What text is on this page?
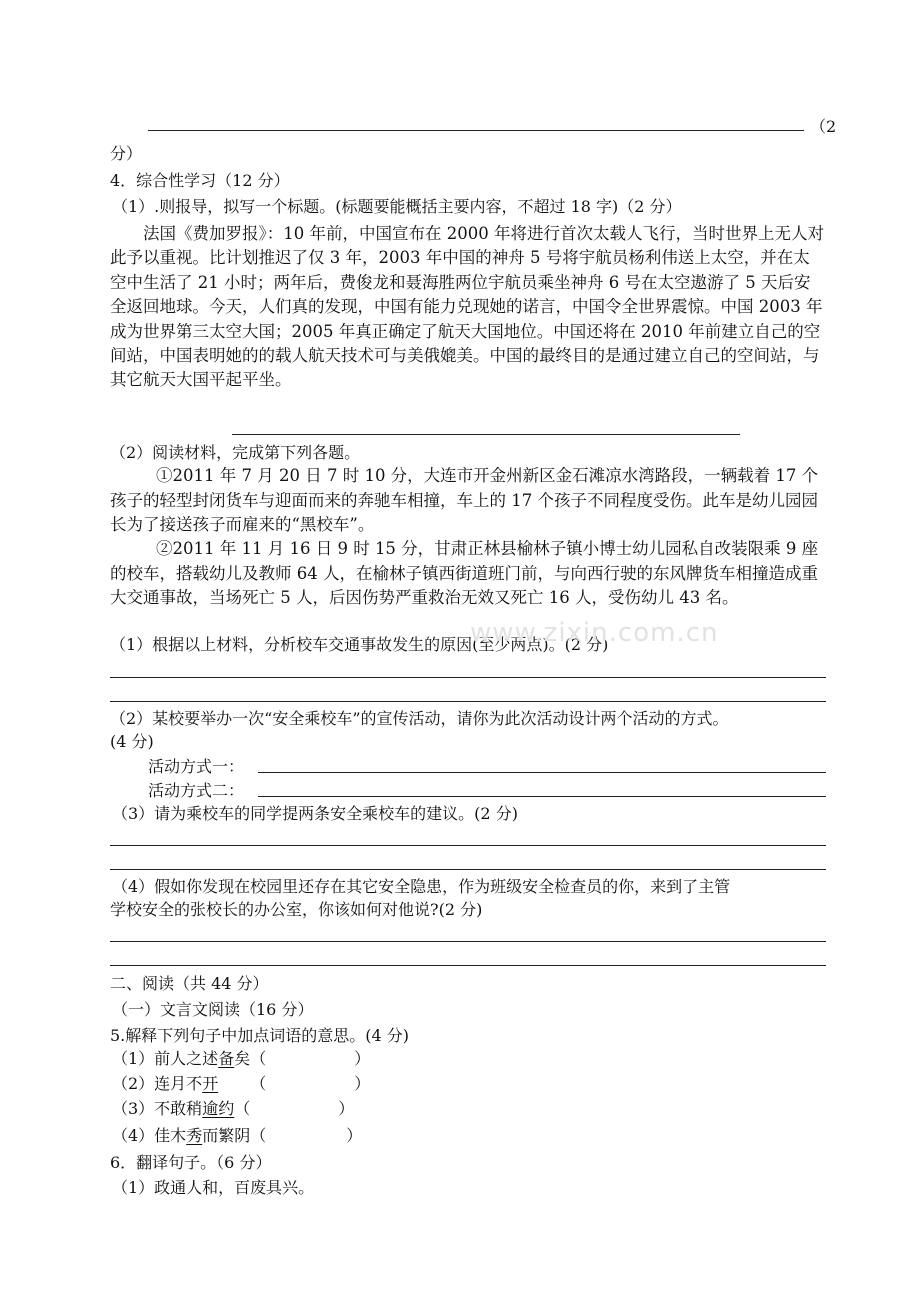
（2
分）
4．综合性学习（12 分）
（1）.则报导，拟写一个标题。(标题要能概括主要内容，不超过 18 字)（2 分）
法国《费加罗报》：10 年前，中国宣布在 2000 年将进行首次太载人飞行，当时世界上无人对此予以重视。比计划推迟了仅 3 年，2003 年中国的神舟 5 号将宇航员杨利伟送上太空，并在太空中生活了 21 小时；两年后，费俊龙和聂海胜两位宇航员乘坐神舟 6 号在太空遨游了 5 天后安全返回地球。今天，人们真的发现，中国有能力兑现她的诺言，中国令全世界震惊。中国 2003 年成为世界第三太空大国；2005 年真正确定了航天大国地位。中国还将在 2010 年前建立自己的空间站，中国表明她的的载人航天技术可与美俄媲美。中国的最终目的是通过建立自己的空间站，与其它航天大国平起平坐。
（2）阅读材料，完成第下列各题。
①2011 年 7 月 20 日 7 时 10 分，大连市开金州新区金石滩凉水湾路段，一辆载着 17 个孩子的轻型封闭货车与迎面而来的奔驰车相撞，车上的 17 个孩子不同程度受伤。此车是幼儿园园长为了接送孩子而雇来的“黑校车”。
②2011 年 11 月 16 日 9 时 15 分，甘肃正林县榆林子镇小博士幼儿园私自改装限乘 9 座的校车，搭载幼儿及教师 64 人，在榆林子镇西街道班门前，与向西行驶的东风牌货车相撞造成重大交通事故，当场死亡 5 人，后因伤势严重救治无效又死亡 16 人，受伤幼儿 43 名。
（1）根据以上材料，分析校车交通事故发生的原因(至少两点)。(2 分)
（2）某校要举办一次“安全乘校车”的宣传活动，请你为此次活动设计两个活动的方式。
(4 分)
活动方式一：
活动方式二：
（3）请为乘校车的同学提两条安全乘校车的建议。(2 分)
（4）假如你发现在校园里还存在其它安全隐患，作为班级安全检查员的你，来到了主管
学校安全的张校长的办公室，你该如何对他说?(2 分)
二、阅读（共 44 分）
（一）文言文阅读（16 分）
5.解释下列句子中加点词语的意思。(4 分)
（1）前人之述备矣（	）
（2）连月不开 （	）
（3）不敢稍逾约（	）
（4）佳木秀而繁阴（	）
6．翻译句子。（6 分）
（1）政通人和，百废具兴。
www.zixin.com.cn
